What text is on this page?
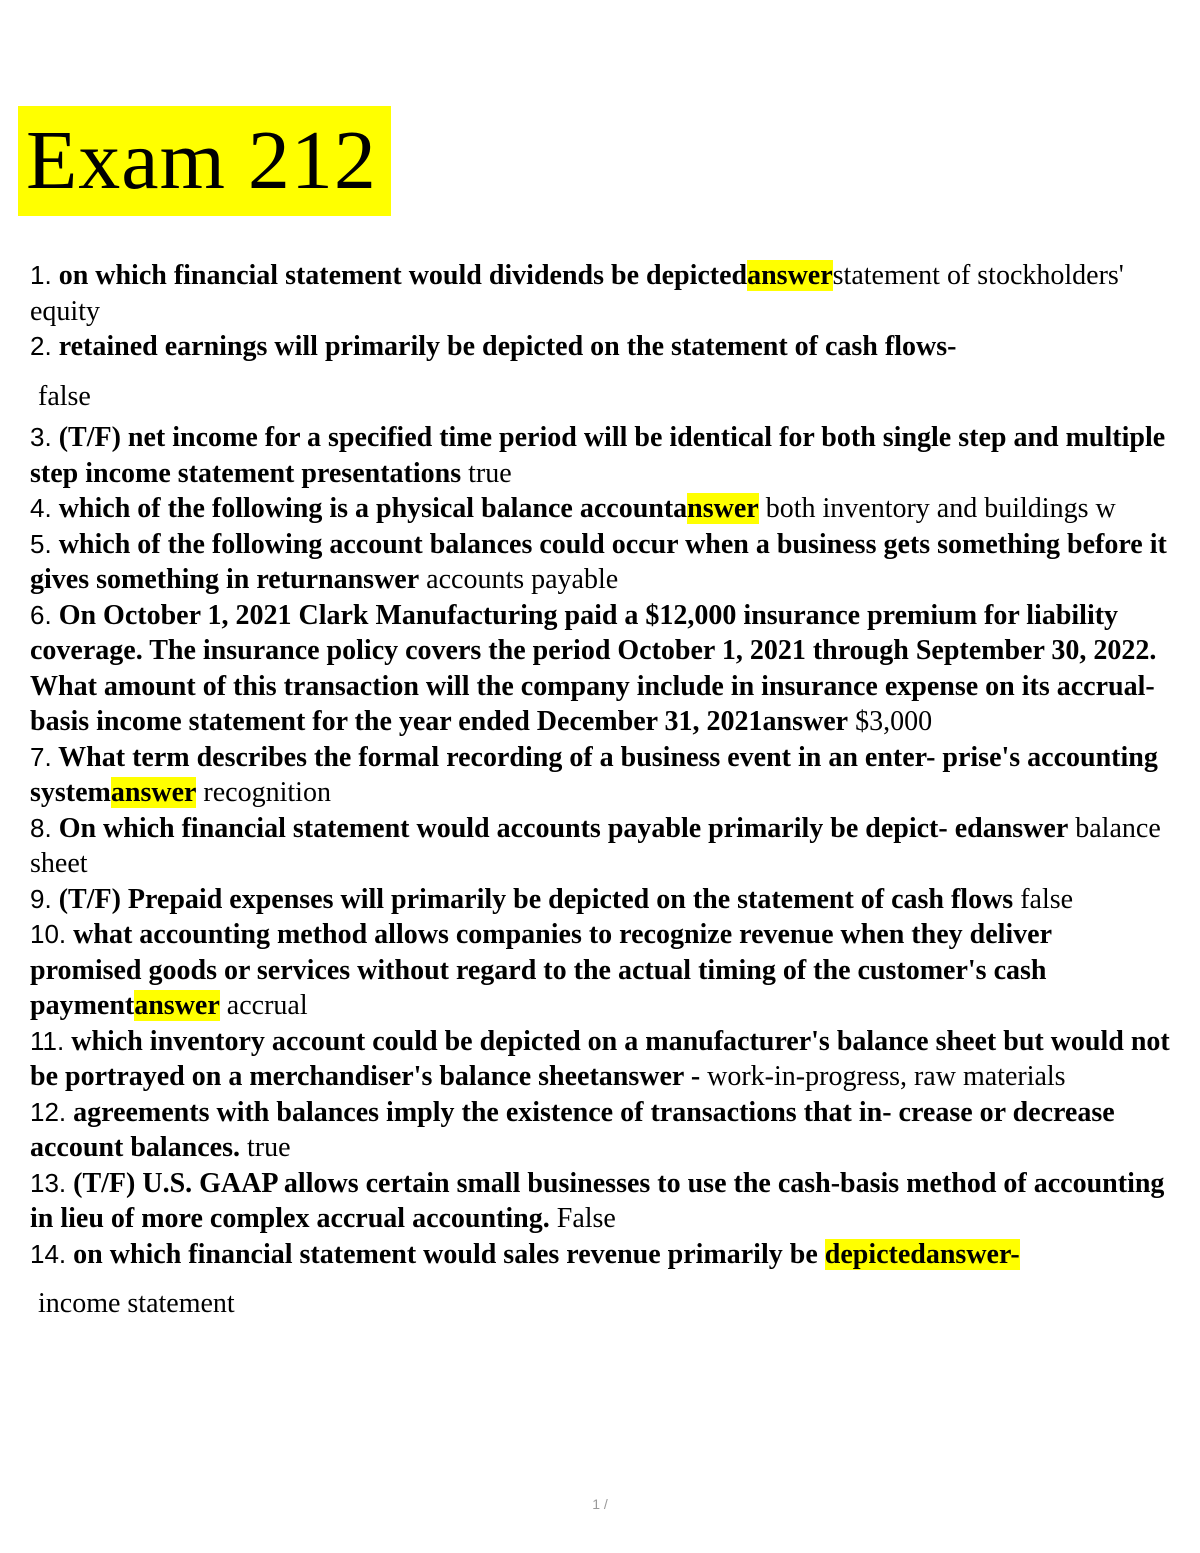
Exam 212
1. on which financial statement would dividends be depictedanswerstatement of stockholders' equity
2. retained earnings will primarily be depicted on the statement of cash flows-
false
3. (T/F) net income for a specified time period will be identical for both single step and multiple step income statement presentations true
4. which of the following is a physical balance accountanswer both inventory and buildings w
5. which of the following account balances could occur when a business gets something before it gives something in returnanswer accounts payable
6. On October 1, 2021 Clark Manufacturing paid a $12,000 insurance premium for liability coverage. The insurance policy covers the period October 1, 2021 through September 30, 2022. What amount of this transaction will the company include in insurance expense on its accrual-basis income statement for the year ended December 31, 2021answer $3,000
7. What term describes the formal recording of a business event in an enter- prise's accounting systemanswer recognition
8. On which financial statement would accounts payable primarily be depict- edanswer balance sheet
9. (T/F) Prepaid expenses will primarily be depicted on the statement of cash flows false
10. what accounting method allows companies to recognize revenue when they deliver promised goods or services without regard to the actual timing of the customer's cash paymentanswer accrual
11. which inventory account could be depicted on a manufacturer's balance sheet but would not be portrayed on a merchandiser's balance sheetanswer - work-in-progress, raw materials
12. agreements with balances imply the existence of transactions that in- crease or decrease account balances. true
13. (T/F) U.S. GAAP allows certain small businesses to use the cash-basis method of accounting in lieu of more complex accrual accounting. False
14. on which financial statement would sales revenue primarily be depictedanswer-
income statement
1 /
